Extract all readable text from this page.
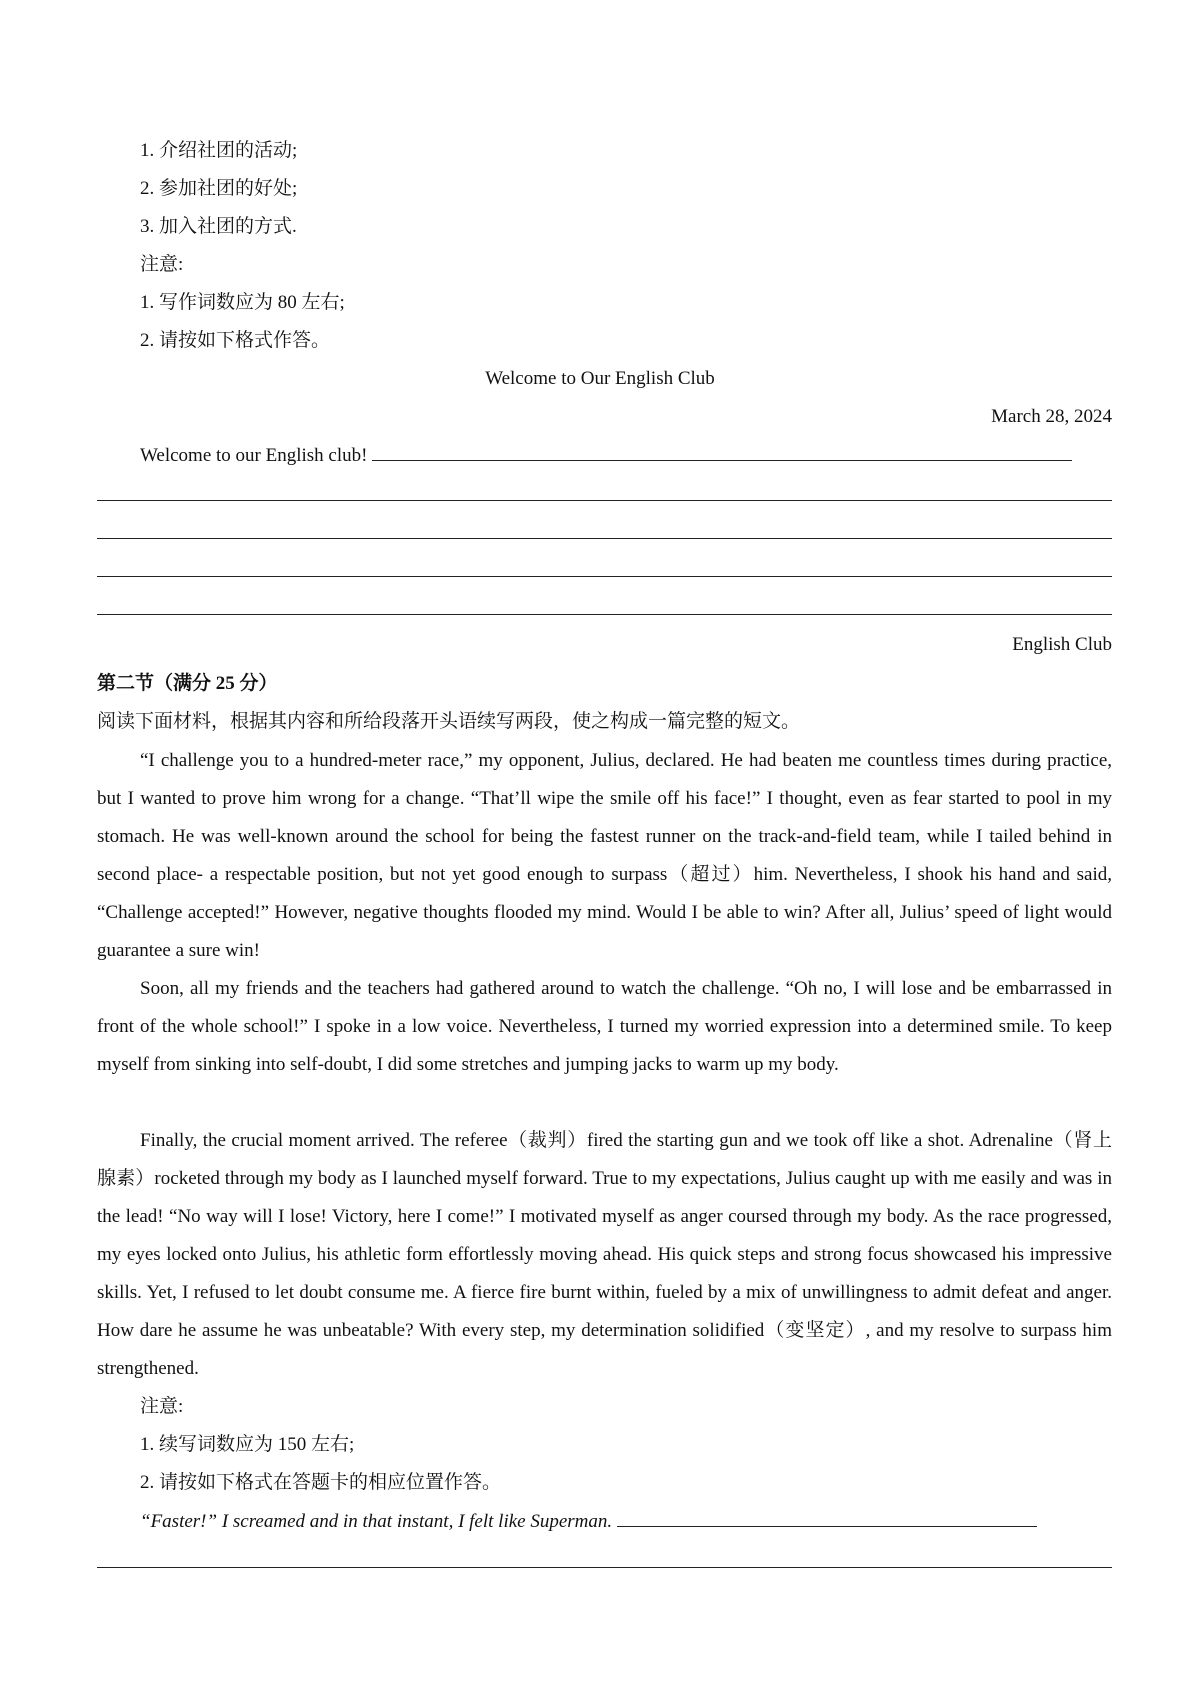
1. 介绍社团的活动;
2. 参加社团的好处;
3. 加入社团的方式.
注意:
1. 写作词数应为 80 左右;
2. 请按如下格式作答。
Welcome to Our English Club
March 28, 2024
Welcome to our English club!
English Club
第二节（满分 25 分）
阅读下面材料，根据其内容和所给段落开头语续写两段，使之构成一篇完整的短文。
“I challenge you to a hundred-meter race,” my opponent, Julius, declared. He had beaten me countless times during practice, but I wanted to prove him wrong for a change. “That’ll wipe the smile off his face!” I thought, even as fear started to pool in my stomach. He was well-known around the school for being the fastest runner on the track-and-field team, while I tailed behind in second place- a respectable position, but not yet good enough to surpass（超过）him. Nevertheless, I shook his hand and said, “Challenge accepted!” However, negative thoughts flooded my mind. Would I be able to win? After all, Julius’ speed of light would guarantee a sure win!
Soon, all my friends and the teachers had gathered around to watch the challenge. “Oh no, I will lose and be embarrassed in front of the whole school!” I spoke in a low voice. Nevertheless, I turned my worried expression into a determined smile. To keep myself from sinking into self-doubt, I did some stretches and jumping jacks to warm up my body.
Finally, the crucial moment arrived. The referee（裁判）fired the starting gun and we took off like a shot. Adrenaline（肾上腺素）rocketed through my body as I launched myself forward. True to my expectations, Julius caught up with me easily and was in the lead! “No way will I lose! Victory, here I come!” I motivated myself as anger coursed through my body. As the race progressed, my eyes locked onto Julius, his athletic form effortlessly moving ahead. His quick steps and strong focus showcased his impressive skills. Yet, I refused to let doubt consume me. A fierce fire burnt within, fueled by a mix of unwillingness to admit defeat and anger. How dare he assume he was unbeatable? With every step, my determination solidified（变坚定）, and my resolve to surpass him strengthened.
注意:
1. 续写词数应为 150 左右;
2. 请按如下格式在答题卡的相应位置作答。
“Faster!” I screamed and in that instant, I felt like Superman.
